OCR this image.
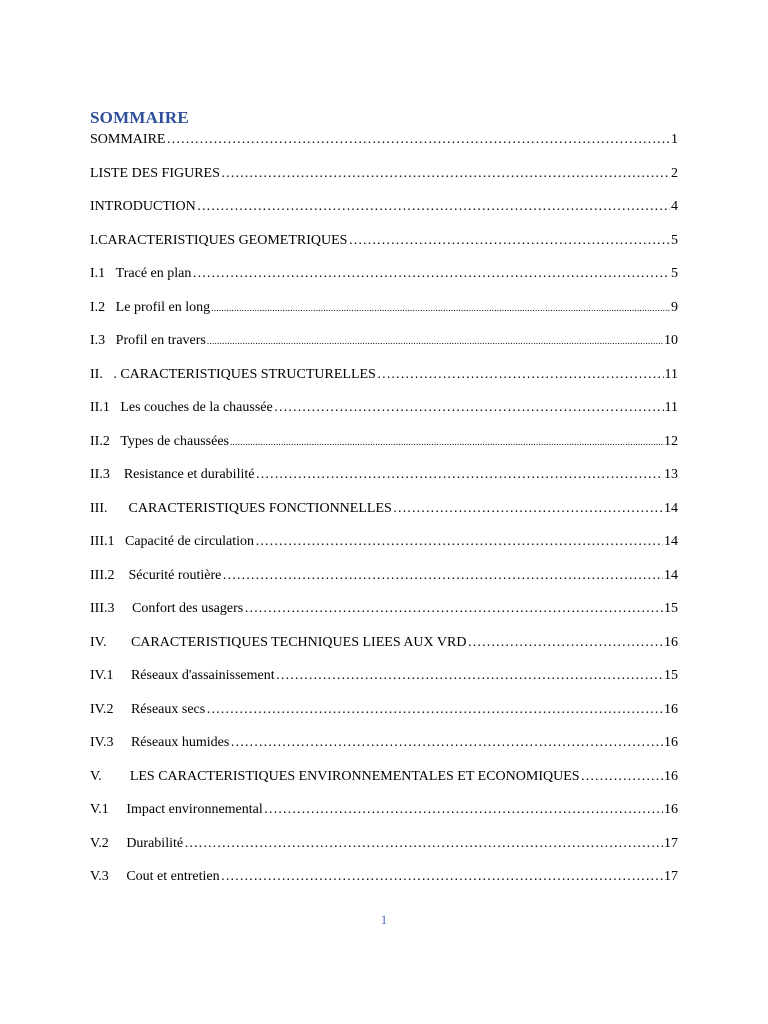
SOMMAIRE
SOMMAIRE ……………………………………………………………………………………………………………………………………………………………………………………………………………………………………	1
LISTE DES FIGURES ……………………………………………………………………………………………………………………………………………………………………………………………………………………………………	2
INTRODUCTION ……………………………………………………………………………………………………………………………………………………………………………………………………………………………………	4
I. CARACTERISTIQUES GEOMETRIQUES ……………………………………………………………………………………………………………………………………………………………………………………………………………………………………	5
I.1 Tracé en plan ……………………………………………………………………………………………………………………………………………………………………………………………………………………………………	5
I.2 Le profil en long .....	9
I.3 Profil en travers .....	10
II.   . CARACTERISTIQUES STRUCTURELLES ……………………………………………………………………………………………………………………………………………………………………………………………………………………………………	11
II.1 Les couches de la chaussée ……………………………………………………………………………………………………………………………………………………………………………………………………………………………………	11
II.2 Types de chaussées .....	12
II.3 Resistance et durabilité ……………………………………………………………………………………………………………………………………………………………………………………………………………………………………	13
III. CARACTERISTIQUES FONCTIONNELLES ……………………………………………………………………………………………………………………………………………………………………………………………………………………………………	14
III.1 Capacité de circulation ……………………………………………………………………………………………………………………………………………………………………………………………………………………………………	14
III.2 Sécurité routière ……………………………………………………………………………………………………………………………………………………………………………………………………………………………………	14
III.3 Confort des usagers ……………………………………………………………………………………………………………………………………………………………………………………………………………………………………	15
IV. CARACTERISTIQUES TECHNIQUES LIEES AUX VRD ……………………………………………………………………………………………………………………………………………………………………………………………………………………………………	16
IV.1 Réseaux d'assainissement ……………………………………………………………………………………………………………………………………………………………………………………………………………………………………	15
IV.2 Réseaux secs ……………………………………………………………………………………………………………………………………………………………………………………………………………………………………	16
IV.3 Réseaux humides ……………………………………………………………………………………………………………………………………………………………………………………………………………………………………	16
V. LES CARACTERISTIQUES ENVIRONNEMENTALES ET ECONOMIQUES ……………………………………………………………………………………………………………………………………………………………………………………………………………………………………	16
V.1 Impact environnemental ……………………………………………………………………………………………………………………………………………………………………………………………………………………………………	16
V.2 Durabilité ……………………………………………………………………………………………………………………………………………………………………………………………………………………………………	17
V.3 Cout et entretien ……………………………………………………………………………………………………………………………………………………………………………………………………………………………………	17
1
